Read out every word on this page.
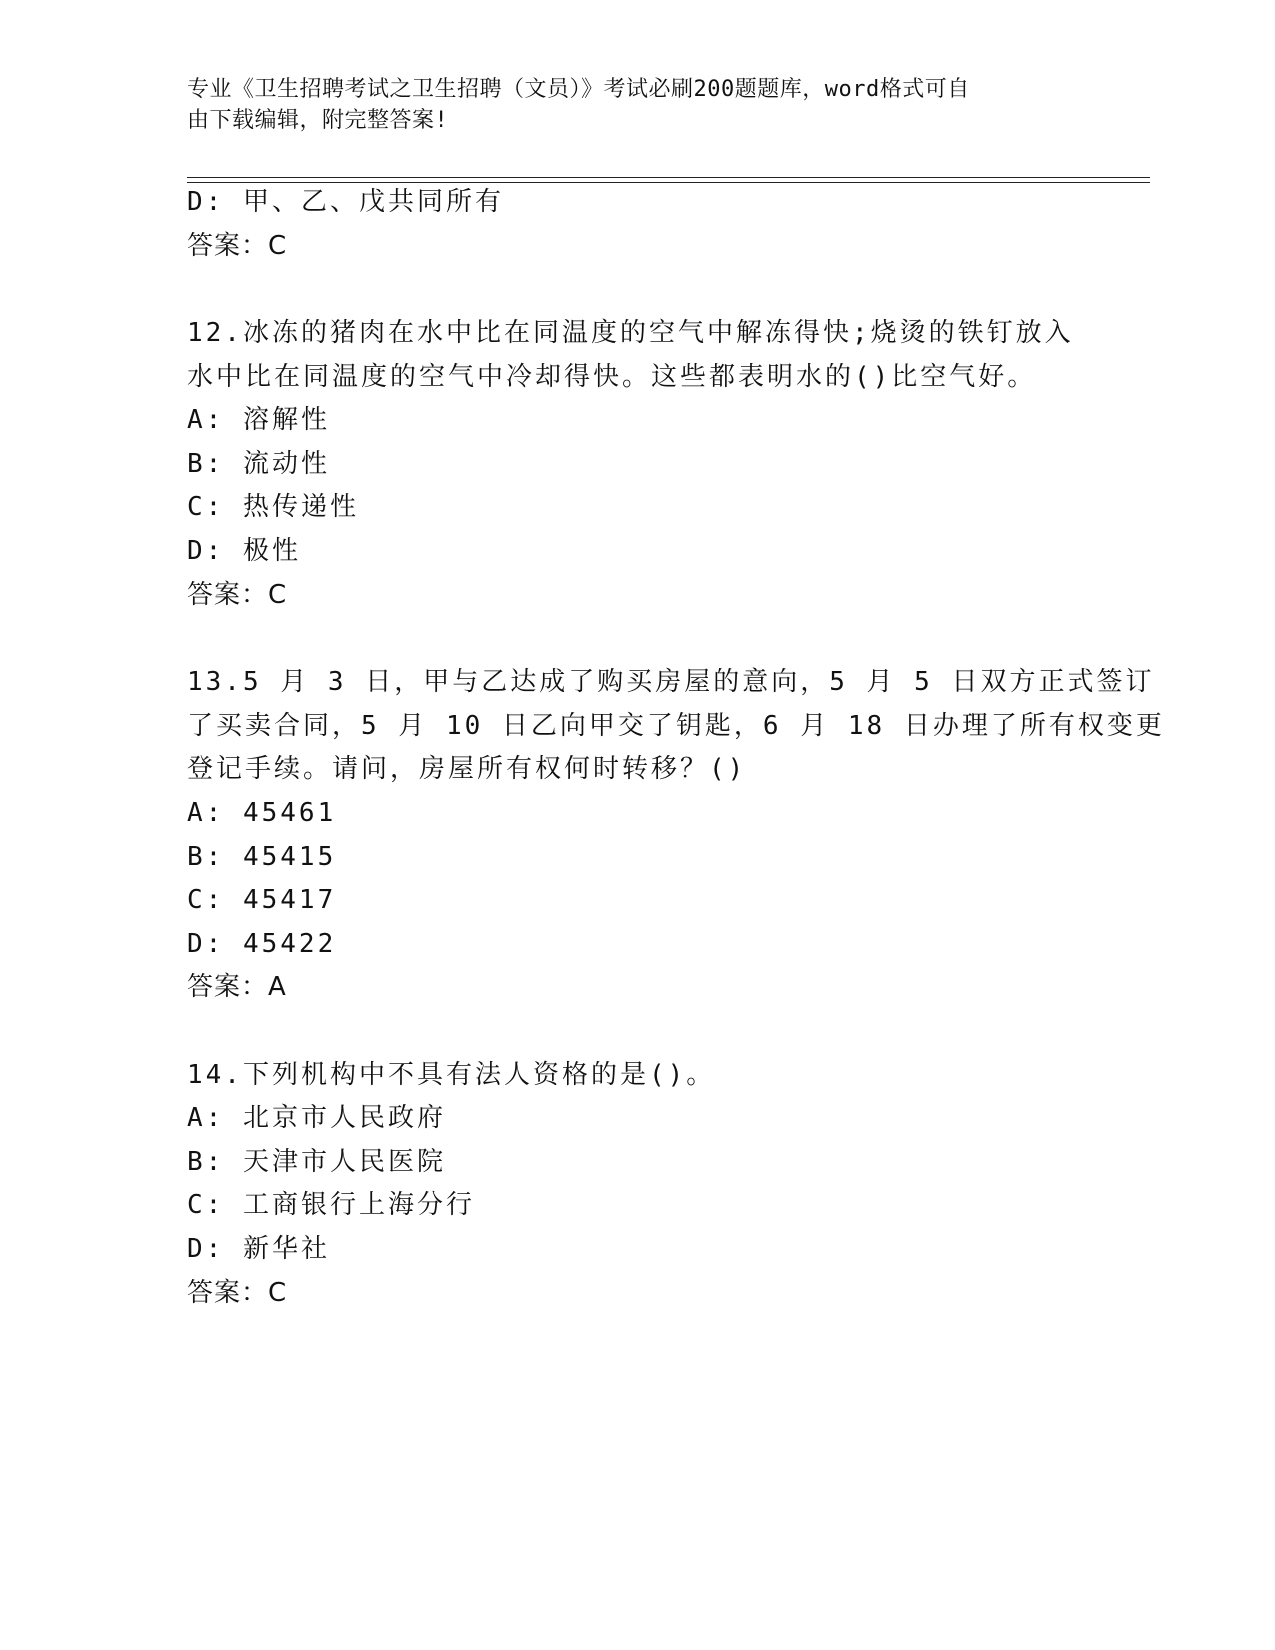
专业《卫生招聘考试之卫生招聘（文员）》考试必刷200题题库，word格式可自
由下载编辑，附完整答案!
D: 甲、乙、戊共同所有
答案：C
12.冰冻的猪肉在水中比在同温度的空气中解冻得快;烧烫的铁钉放入
水中比在同温度的空气中冷却得快。这些都表明水的()比空气好。
A: 溶解性
B: 流动性
C: 热传递性
D: 极性
答案：C
13.5 月 3 日，甲与乙达成了购买房屋的意向，5 月 5 日双方正式签订
了买卖合同，5 月 10 日乙向甲交了钥匙，6 月 18 日办理了所有权变更
登记手续。请问，房屋所有权何时转移？()
A: 45461
B: 45415
C: 45417
D: 45422
答案：A
14.下列机构中不具有法人资格的是()。
A: 北京市人民政府
B: 天津市人民医院
C: 工商银行上海分行
D: 新华社
答案：C
